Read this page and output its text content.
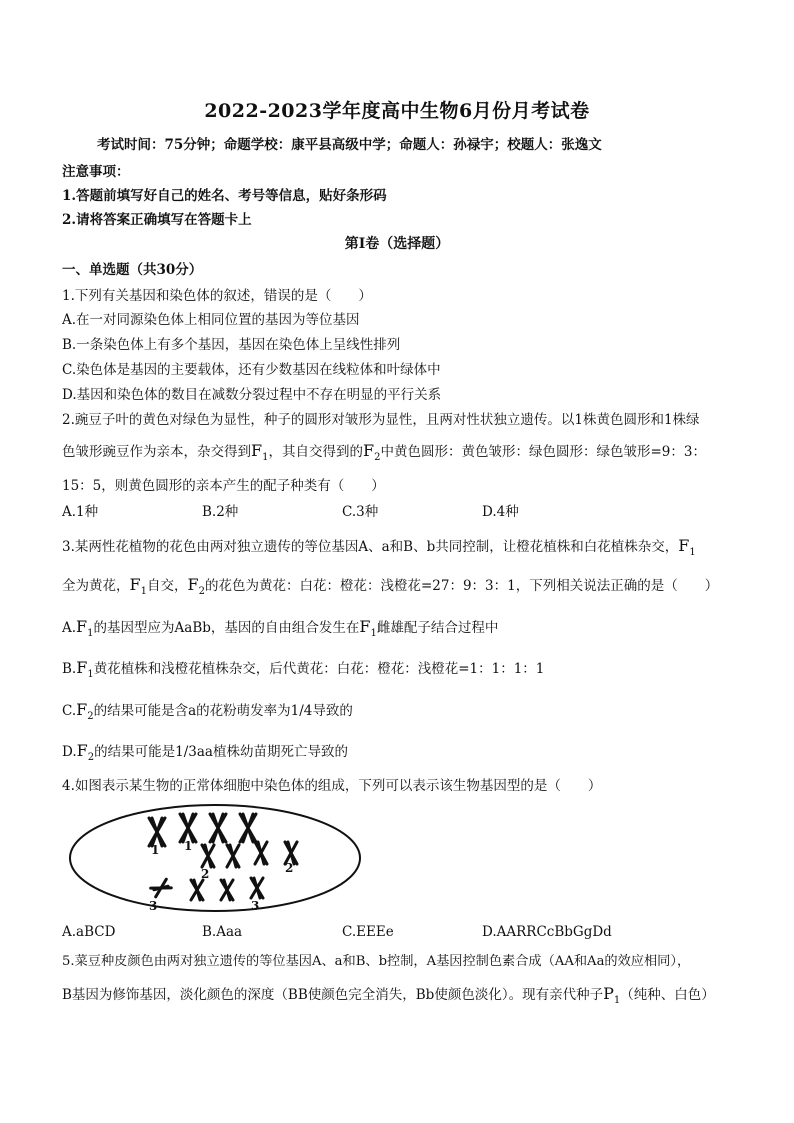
2022-2023学年度高中生物6月份月考试卷
考试时间：75分钟；命题学校：康平县高级中学；命题人：孙禄宇；校题人：张逸文
注意事项：
1.答题前填写好自己的姓名、考号等信息，贴好条形码
2.请将答案正确填写在答题卡上
第I卷（选择题）
一、单选题（共30分）
1.下列有关基因和染色体的叙述，错误的是（　　）
A.在一对同源染色体上相同位置的基因为等位基因
B.一条染色体上有多个基因，基因在染色体上呈线性排列
C.染色体是基因的主要载体，还有少数基因在线粒体和叶绿体中
D.基因和染色体的数目在减数分裂过程中不存在明显的平行关系
2.豌豆子叶的黄色对绿色为显性，种子的圆形对皱形为显性，且两对性状独立遗传。以1株黄色圆形和1株绿
色皱形豌豆作为亲本，杂交得到$F_1$，其自交得到的$F_2$中黄色圆形：黄色皱形：绿色圆形：绿色皱形=9：3：
15：5，则黄色圆形的亲本产生的配子种类有（　　）
A.1种	B.2种	C.3种	D.4种
3.某两性花植物的花色由两对独立遗传的等位基因A、a和B、b共同控制，让橙花植株和白花植株杂交，$F_1$
全为黄花，$F_1$自交，$F_2$的花色为黄花：白花：橙花：浅橙花=27：9：3：1，下列相关说法正确的是（　　）
$A.F_1$的基因型应为AaBb，基因的自由组合发生在$F_1$雌雄配子结合过程中
$B.F_1$黄花植株和浅橙花植株杂交，后代黄花：白花：橙花：浅橙花=1：1：1：1
$C.F_2$的结果可能是含a的花粉萌发率为1/4导致的
$D.F_2$的结果可能是1/3aa植株幼苗期死亡导致的
4.如图表示某生物的正常体细胞中染色体的组成，下列可以表示该生物基因型的是（　　）
1 1
2	2
3	3
A.aBCD	B.Aaa	C.EEEe	D.AARRCcBbGgDd
5.菜豆种皮颜色由两对独立遗传的等位基因A、a和B、b控制，A基因控制色素合成（AA和Aa的效应相同），
B基因为修饰基因，淡化颜色的深度（BB使颜色完全消失，Bb使颜色淡化）。现有亲代种子$P_1$（纯种、白色）
